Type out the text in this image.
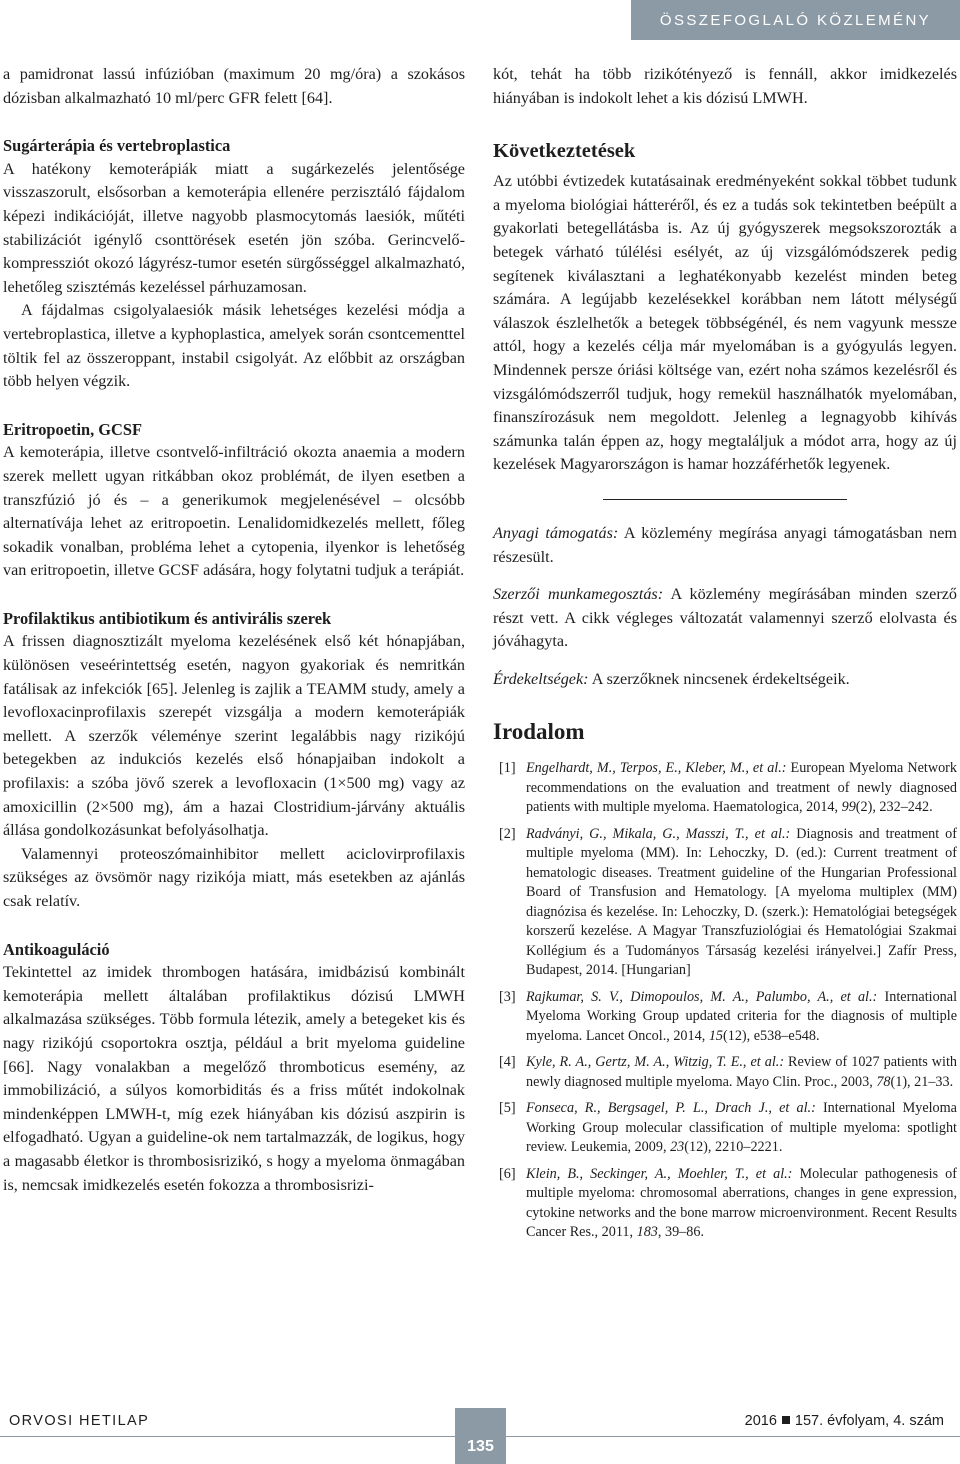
ÖSSZEFOGLALÓ KÖZLEMÉNY

a pamidronat lassú infúzióban (maximum 20 mg/óra) a szokásos dózisban alkalmazható 10 ml/perc GFR felett [64].

Sugárterápia és vertebroplastica

A hatékony kemoterápiák miatt a sugárkezelés jelentősége visszaszorult, elsősorban a kemoterápia ellenére perzisztáló fájdalom képezi indikációját, illetve nagyobb plasmocytomás laesiók, műtéti stabilizációt igénylő csonttörések esetén jön szóba. Gerincvelő-kompressziót okozó lágyrész-tumor esetén sürgősséggel alkalmazható, lehetőleg szisztémás kezeléssel párhuzamosan.

A fájdalmas csigolyalaesiók másik lehetséges kezelési módja a vertebroplastica, illetve a kyphoplastica, amelyek során csontcementtel töltik fel az összeroppant, instabil csigolyát. Az előbbit az országban több helyen végzik.

Eritropoetin, GCSF

A kemoterápia, illetve csontvelő-infiltráció okozta anaemia a modern szerek mellett ugyan ritkábban okoz problémát, de ilyen esetben a transzfúzió jó és – a generikumok megjelenésével – olcsóbb alternatívája lehet az eritropoetin. Lenalidomidkezelés mellett, főleg sokadik vonalban, probléma lehet a cytopenia, ilyenkor is lehetőség van eritropoetin, illetve GCSF adására, hogy folytatni tudjuk a terápiát.

Profilaktikus antibiotikum és antivirális szerek

A frissen diagnosztizált myeloma kezelésének első két hónapjában, különösen veseérintettség esetén, nagyon gyakoriak és nemritkán fatálisak az infekciók [65]. Jelenleg is zajlik a TEAMM study, amely a levofloxacinprofilaxis szerepét vizsgálja a modern kemoterápiák mellett. A szerzők véleménye szerint legalábbis nagy rizikójú betegekben az indukciós kezelés első hónapjaiban indokolt a profilaxis: a szóba jövő szerek a levofloxacin (1×500 mg) vagy az amoxicillin (2×500 mg), ám a hazai Clostridium-járvány aktuális állása gondolkozásunkat befolyásolhatja.

Valamennyi proteoszómainhibitor mellett aciclovirprofilaxis szükséges az övsömör nagy rizikója miatt, más esetekben az ajánlás csak relatív.

Antikoaguláció

Tekintettel az imidek thrombogen hatására, imidbázisú kombinált kemoterápia mellett általában profilaktikus dózisú LMWH alkalmazása szükséges. Több formula létezik, amely a betegeket kis és nagy rizikójú csoportokra osztja, például a brit myeloma guideline [66]. Nagy vonalakban a megelőző thromboticus esemény, az immobilizáció, a súlyos komorbiditás és a friss műtét indokolnak mindenképpen LMWH-t, míg ezek hiányában kis dózisú aszpirin is elfogadható. Ugyan a guideline-ok nem tartalmazzák, de logikus, hogy a magasabb életkor is thrombosisrizikó, s hogy a myeloma önmagában is, nemcsak imidkezelés esetén fokozza a thrombosisrizi-

kót, tehát ha több rizikótényező is fennáll, akkor imidkezelés hiányában is indokolt lehet a kis dózisú LMWH.

Következtetések

Az utóbbi évtizedek kutatásainak eredményeként sokkal többet tudunk a myeloma biológiai hátteréről, és ez a tudás sok tekintetben beépült a gyakorlati betegellátásba is. Az új gyógyszerek megsokszorozták a betegek várható túlélési esélyét, az új vizsgálómódszerek pedig segítenek kiválasztani a leghatékonyabb kezelést minden beteg számára. A legújabb kezelésekkel korábban nem látott mélységű válaszok észlelhetők a betegek többségénél, és nem vagyunk messze attól, hogy a kezelés célja már myelomában is a gyógyulás legyen. Mindennek persze óriási költsége van, ezért noha számos kezelésről és vizsgálómódszerről tudjuk, hogy remekül használhatók myelomában, finanszírozásuk nem megoldott. Jelenleg a legnagyobb kihívás számunka talán éppen az, hogy megtaláljuk a módot arra, hogy az új kezelések Magyarországon is hamar hozzáférhetők legyenek.

Anyagi támogatás: A közlemény megírása anyagi támogatásban nem részesült.

Szerzői munkamegosztás: A közlemény megírásában minden szerző részt vett. A cikk végleges változatát valamennyi szerző elolvasta és jóváhagyta.

Érdekeltségek: A szerzőknek nincsenek érdekeltségeik.

Irodalom
[1] Engelhardt, M., Terpos, E., Kleber, M., et al.: European Myeloma Network recommendations on the evaluation and treatment of newly diagnosed patients with multiple myeloma. Haematologica, 2014, 99(2), 232–242.
[2] Radványi, G., Mikala, G., Masszi, T., et al.: Diagnosis and treatment of multiple myeloma (MM). In: Lehoczky, D. (ed.): Current treatment of hematologic diseases. Treatment guideline of the Hungarian Professional Board of Transfusion and Hematology. [A myeloma multiplex (MM) diagnózisa és kezelése. In: Lehoczky, D. (szerk.): Hematológiai betegségek korszerű kezelése. A Magyar Transzfuziológiai és Hematológiai Szakmai Kollégium és a Tudományos Társaság kezelési irányelvei.] Zafír Press, Budapest, 2014. [Hungarian]
[3] Rajkumar, S. V., Dimopoulos, M. A., Palumbo, A., et al.: International Myeloma Working Group updated criteria for the diagnosis of multiple myeloma. Lancet Oncol., 2014, 15(12), e538–e548.
[4] Kyle, R. A., Gertz, M. A., Witzig, T. E., et al.: Review of 1027 patients with newly diagnosed multiple myeloma. Mayo Clin. Proc., 2003, 78(1), 21–33.
[5] Fonseca, R., Bergsagel, P. L., Drach J., et al.: International Myeloma Working Group molecular classification of multiple myeloma: spotlight review. Leukemia, 2009, 23(12), 2210–2221.
[6] Klein, B., Seckinger, A., Moehler, T., et al.: Molecular pathogenesis of multiple myeloma: chromosomal aberrations, changes in gene expression, cytokine networks and the bone marrow microenvironment. Recent Results Cancer Res., 2011, 183, 39–86.
ORVOSI HETILAP
135
2016 157. évfolyam, 4. szám
